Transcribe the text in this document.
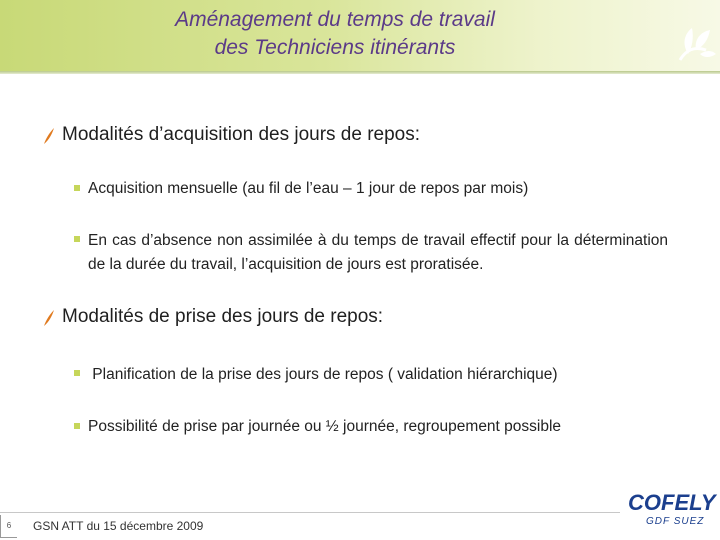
Aménagement du temps de travail
des Techniciens itinérants
Modalités d’acquisition des jours de repos:
Acquisition mensuelle (au fil de l’eau – 1 jour de repos par mois)
En cas d’absence non assimilée à du temps de travail effectif pour la détermination de la durée du travail, l’acquisition de jours est proratisée.
Modalités de prise des jours de repos:
Planification de la prise des jours de repos ( validation hiérarchique)
Possibilité de prise par journée ou ½ journée, regroupement possible
6	GSN ATT du 15 décembre 2009
COFELY
GDF SUEZ
